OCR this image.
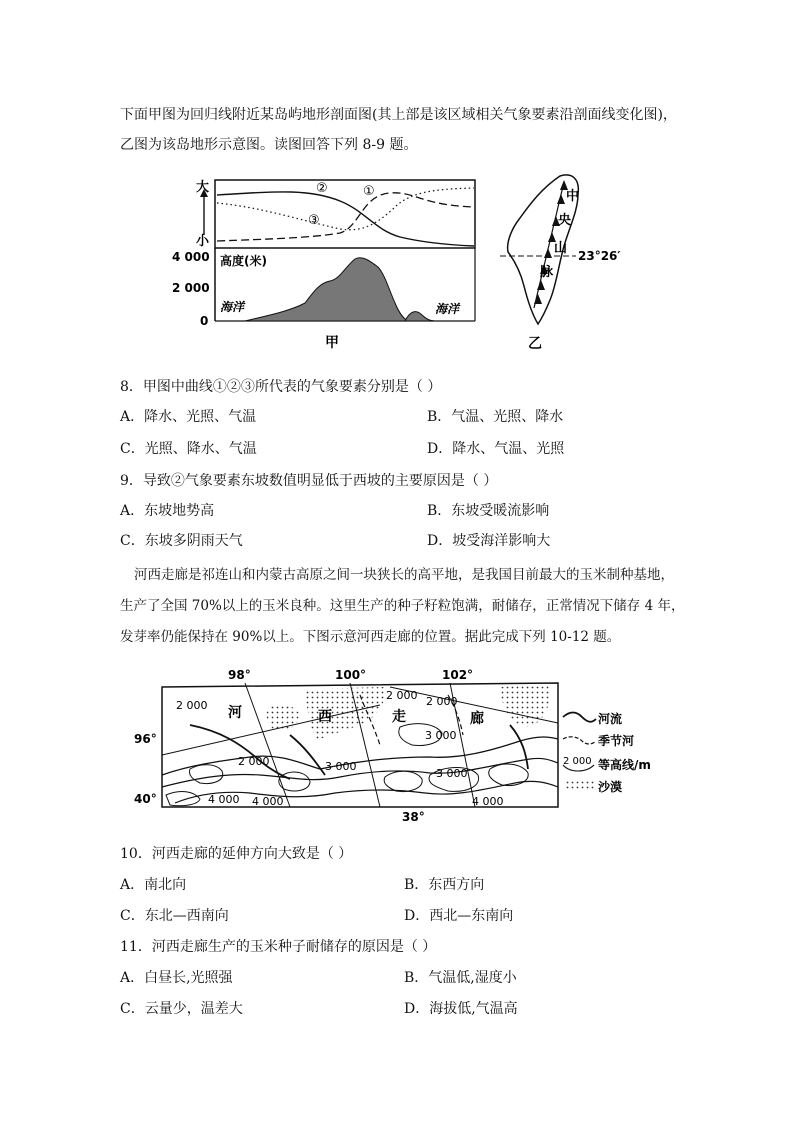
下面甲图为回归线附近某岛屿地形剖面图(其上部是该区域相关气象要素沿剖面线变化图)，
乙图为该岛地形示意图。读图回答下列 8-9 题。
大
小
②	①
③
4 000
2 000
0
高度(米)
海洋	海洋
甲
中
央
山
脉
23°26′
乙
8．甲图中曲线①②③所代表的气象要素分别是（ ）
A．降水、光照、气温	B．气温、光照、降水
C．光照、降水、气温	D．降水、气温、光照
9．导致②气象要素东坡数值明显低于西坡的主要原因是（ ）
A．东坡地势高	B．东坡受暖流影响
C．东坡多阴雨天气	D．坡受海洋影响大
河西走廊是祁连山和内蒙古高原之间一块狭长的高平地，是我国目前最大的玉米制种基地，
生产了全国 70%以上的玉米良种。这里生产的种子籽粒饱满，耐储存，正常情况下储存 4 年，
发芽率仍能保持在 90%以上。下图示意河西走廊的位置。据此完成下列 10-12 题。
98°	100°	102°
96°
40°
38°
河	西	走	廊
2 000
2 000
2 000	3 000
3 000
4 000 4 000
3 000
4 000
2 000
河流
季节河
2 000 等高线/m
沙漠
10．河西走廊的延伸方向大致是（ ）
A．南北向	B．东西方向
C．东北—西南向	D．西北—东南向
11．河西走廊生产的玉米种子耐储存的原因是（ ）
A．白昼长,光照强	B．气温低,湿度小
C．云量少，温差大	D．海拔低,气温高
